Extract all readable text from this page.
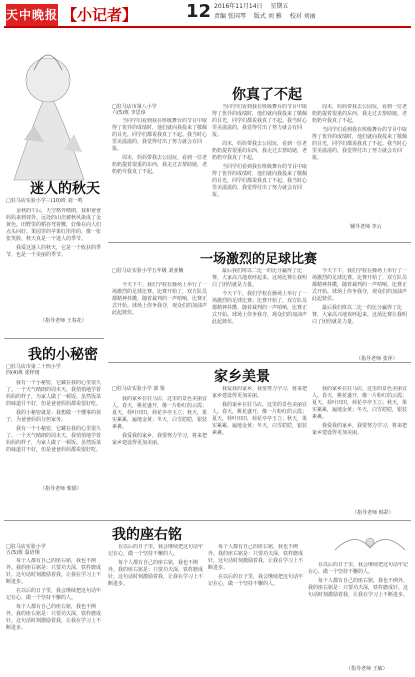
天中晚报 【小记者】	12 2016年11月14日 星期五
责编 张国琴 版式 刘 雅 校对 刘丽
你真了不起
□驻马店市第八小学
六(5)班 李思淳

当同学们看到我在班级舞台的节目中取得了优异的成绩时，他们就向我投来了敬佩的目光，同学们都说我真了不起。我当时心里美滋滋的，我觉得付出了努力就会有回报。

周末，妈妈带我去公园玩，看到一位老奶奶提着很重的东西，我走过去帮助她，老奶奶夸我真了不起。

当同学们看到我在班级舞台的节目中取得了优异的成绩时，他们就向我投来了敬佩的目光，同学们都说我真了不起。我当时心里美滋滋的，我觉得付出了努力就会有回报。

周末，妈妈带我去公园玩，看到一位老奶奶提着很重的东西，我走过去帮助她，老奶奶夸我真了不起。

当同学们看到我在班级舞台的节目中取得了优异的成绩时，他们就向我投来了敬佩的目光，同学们都说我真了不起。我当时心里美滋滋的，我觉得付出了努力就会有回报。

周末，妈妈带我去公园玩，看到一位老奶奶提着很重的东西，我走过去帮助她，老奶奶夸我真了不起。

当同学们看到我在班级舞台的节目中取得了优异的成绩时，他们就向我投来了敬佩的目光，同学们都说我真了不起。我当时心里美滋滋的，我觉得付出了努力就会有回报。

辅导老师 李云
迷人的秋天
□驻马店实验小学三(10)班 刘一鸣

金秋的午后，天空格外晴朗，我和爸爸妈妈来到郊外。远处的山峦被秋风染成了金黄色，田野里的稻谷弯着腰，好像在向人们点头问好。果园里的苹果红彤彤的，像一张张笑脸。秋天真是一个迷人的季节。

我爱这迷人的秋天，它是一个收获的季节，也是一个美丽的季节。

（指导老师 王春花）
一场激烈的足球比赛
□驻马店实验小学五年级 刘亚楠

今天下午，我们学校在操场上举行了一场激烈的足球比赛。比赛开始了，双方队员都精神抖擞，随着裁判的一声哨响，比赛正式开始。球场上你争我夺，观众们的加油声此起彼伏。

最后我们班以二比一的比分赢得了比赛，大家高兴地欢呼起来。这场比赛让我明白了团结就是力量。

今天下午，我们学校在操场上举行了一场激烈的足球比赛。比赛开始了，双方队员都精神抖擞，随着裁判的一声哨响，比赛正式开始。球场上你争我夺，观众们的加油声此起彼伏。

今天下午，我们学校在操场上举行了一场激烈的足球比赛。比赛开始了，双方队员都精神抖擞，随着裁判的一声哨响，比赛正式开始。球场上你争我夺，观众们的加油声此起彼伏。

最后我们班以二比一的比分赢得了比赛，大家高兴地欢呼起来。这场比赛让我明白了团结就是力量。

（指导老师 张萍）
我的小秘密
□驻马店市第二十四小学
四(4)班 张梓雨

我有一个小秘密，它藏在我的心里很久了。一个天气晴朗的周末天，我悄悄地学着妈妈的样子，为家人做了一顿饭。虽然饭菜的味道并不好，但是爸爸妈妈都说很好吃。

我的小秘密就是：我想做一个懂事的孩子，为爸爸妈妈分担家务。

我有一个小秘密，它藏在我的心里很久了。一个天气晴朗的周末天，我悄悄地学着妈妈的样子，为家人做了一顿饭。虽然饭菜的味道并不好，但是爸爸妈妈都说很好吃。

（指导老师 柴娟）
家乡美景
□驻马店实验小学 郭 梁

我的家乡在驻马店，这里的景色美丽宜人。春天，桃花盛开，像一片粉红的云霞；夏天，荷叶田田，荷花亭亭玉立；秋天，果实累累，遍地金黄；冬天，白雪皑皑，银装素裹。

我爱我的家乡，我要努力学习，将来把家乡建设得更加美丽。

我爱我的家乡，我要努力学习，将来把家乡建设得更加美丽。

我的家乡在驻马店，这里的景色美丽宜人。春天，桃花盛开，像一片粉红的云霞；夏天，荷叶田田，荷花亭亭玉立；秋天，果实累累，遍地金黄；冬天，白雪皑皑，银装素裹。

我的家乡在驻马店，这里的景色美丽宜人。春天，桃花盛开，像一片粉红的云霞；夏天，荷叶田田，荷花亭亭玉立；秋天，果实累累，遍地金黄；冬天，白雪皑皑，银装素裹。

我爱我的家乡，我要努力学习，将来把家乡建设得更加美丽。

（指导老师 韩彩）
我的座右铭
□驻马店实验小学
五(5)班 温培翔

每个人都有自己的座右铭，我也不例外。我的座右铭是：只要功夫深，铁杵磨成针。这句话时刻激励着我，让我在学习上不断进步。

在以后的日子里，我会继续把这句话牢记在心，做一个坚持不懈的人。

每个人都有自己的座右铭，我也不例外。我的座右铭是：只要功夫深，铁杵磨成针。这句话时刻激励着我，让我在学习上不断进步。

在以后的日子里，我会继续把这句话牢记在心，做一个坚持不懈的人。

每个人都有自己的座右铭，我也不例外。我的座右铭是：只要功夫深，铁杵磨成针。这句话时刻激励着我，让我在学习上不断进步。

每个人都有自己的座右铭，我也不例外。我的座右铭是：只要功夫深，铁杵磨成针。这句话时刻激励着我，让我在学习上不断进步。

在以后的日子里，我会继续把这句话牢记在心，做一个坚持不懈的人。

在以后的日子里，我会继续把这句话牢记在心，做一个坚持不懈的人。

每个人都有自己的座右铭，我也不例外。我的座右铭是：只要功夫深，铁杵磨成针。这句话时刻激励着我，让我在学习上不断进步。

（指导老师 王敏）
